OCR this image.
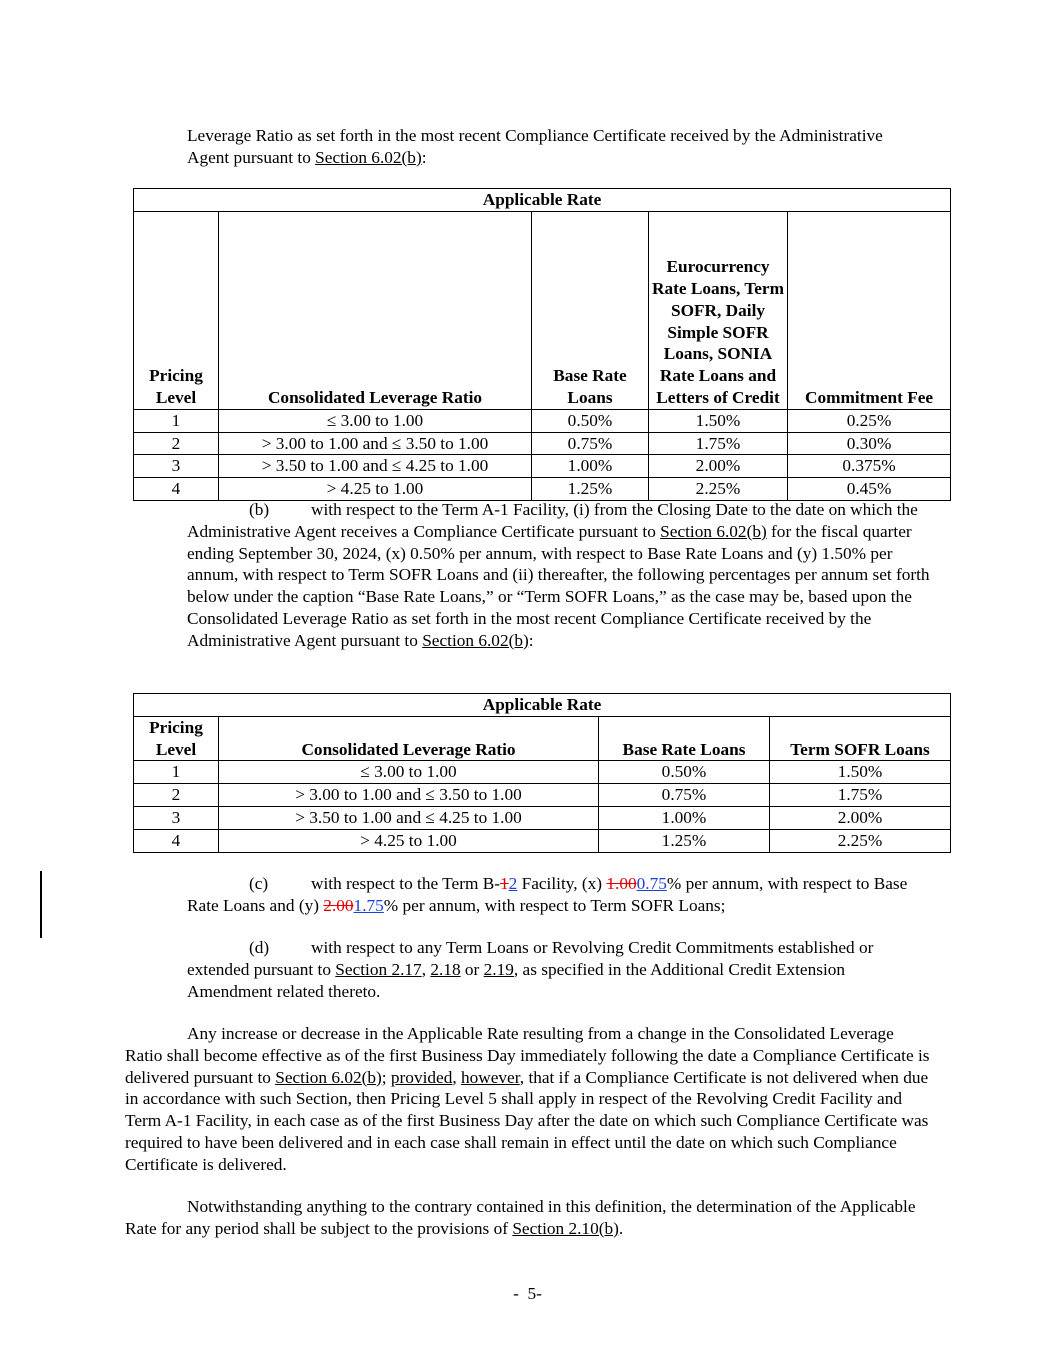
Leverage Ratio as set forth in the most recent Compliance Certificate received by the Administrative Agent pursuant to Section 6.02(b):

Applicable Rate				
Pricing Level	Consolidated Leverage Ratio	Base Rate Loans	Eurocurrency Rate Loans, Term SOFR, Daily Simple SOFR Loans, SONIA Rate Loans and Letters of Credit	Commitment Fee
1	≤ 3.00 to 1.00	0.50%	1.50%	0.25%
2	> 3.00 to 1.00 and ≤ 3.50 to 1.00	0.75%	1.75%	0.30%
3	> 3.50 to 1.00 and ≤ 4.25 to 1.00	1.00%	2.00%	0.375%
4	> 4.25 to 1.00	1.25%	2.25%	0.45%

(b) with respect to the Term A-1 Facility, (i) from the Closing Date to the date on which the Administrative Agent receives a Compliance Certificate pursuant to Section 6.02(b) for the fiscal quarter ending September 30, 2024, (x) 0.50% per annum, with respect to Base Rate Loans and (y) 1.50% per annum, with respect to Term SOFR Loans and (ii) thereafter, the following percentages per annum set forth below under the caption “Base Rate Loans,” or “Term SOFR Loans,” as the case may be, based upon the Consolidated Leverage Ratio as set forth in the most recent Compliance Certificate received by the Administrative Agent pursuant to Section 6.02(b):

Applicable Rate			
Pricing Level	Consolidated Leverage Ratio	Base Rate Loans	Term SOFR Loans
1	≤ 3.00 to 1.00	0.50%	1.50%
2	> 3.00 to 1.00 and ≤ 3.50 to 1.00	0.75%	1.75%
3	> 3.50 to 1.00 and ≤ 4.25 to 1.00	1.00%	2.00%
4	> 4.25 to 1.00	1.25%	2.25%

(c) with respect to the Term B-12 Facility, (x) 1.000.75% per annum, with respect to Base Rate Loans and (y) 2.001.75% per annum, with respect to Term SOFR Loans;

(d) with respect to any Term Loans or Revolving Credit Commitments established or extended pursuant to Section 2.17, 2.18 or 2.19, as specified in the Additional Credit Extension Amendment related thereto.

Any increase or decrease in the Applicable Rate resulting from a change in the Consolidated Leverage Ratio shall become effective as of the first Business Day immediately following the date a Compliance Certificate is delivered pursuant to Section 6.02(b); provided, however, that if a Compliance Certificate is not delivered when due in accordance with such Section, then Pricing Level 5 shall apply in respect of the Revolving Credit Facility and Term A-1 Facility, in each case as of the first Business Day after the date on which such Compliance Certificate was required to have been delivered and in each case shall remain in effect until the date on which such Compliance Certificate is delivered.

Notwithstanding anything to the contrary contained in this definition, the determination of the Applicable Rate for any period shall be subject to the provisions of Section 2.10(b).

-  5-
